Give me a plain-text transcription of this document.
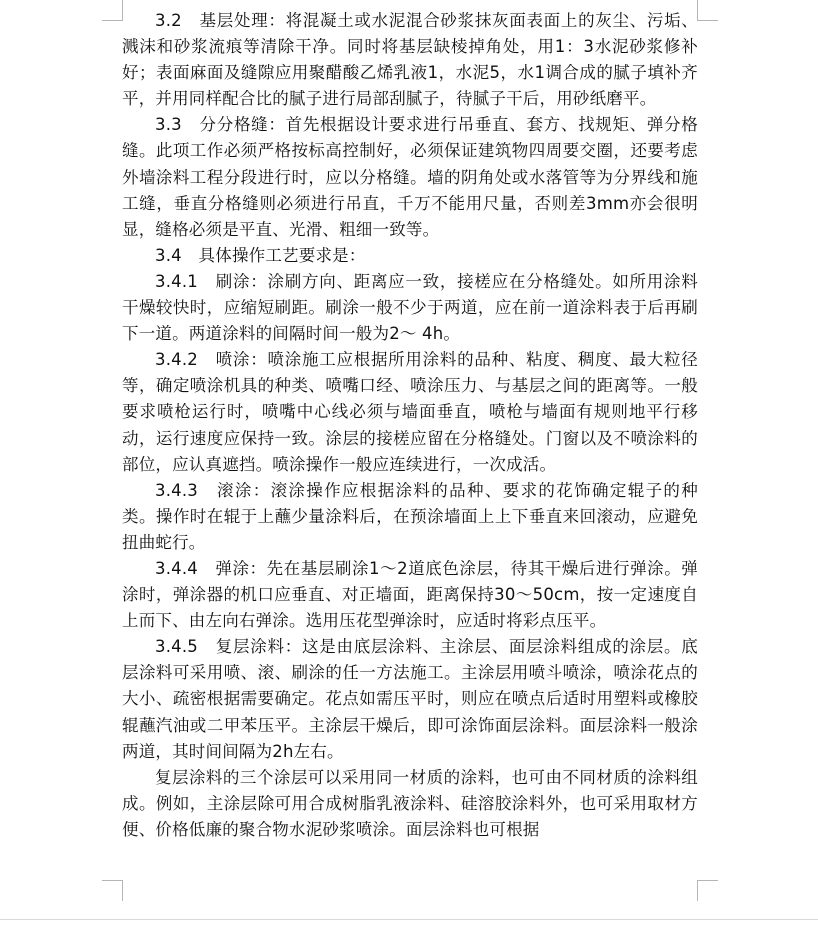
3.2　基层处理：将混凝土或水泥混合砂浆抹灰面表面上的灰尘、污垢、溅沫和砂浆流痕等清除干净。同时将基层缺棱掉角处，用1：3水泥砂浆修补好；表面麻面及缝隙应用聚醋酸乙烯乳液1，水泥5，水1调合成的腻子填补齐平，并用同样配合比的腻子进行局部刮腻子，待腻子干后，用砂纸磨平。

3.3　分分格缝：首先根据设计要求进行吊垂直、套方、找规矩、弹分格缝。此项工作必须严格按标高控制好，必须保证建筑物四周要交圈，还要考虑外墙涂料工程分段进行时，应以分格缝。墙的阴角处或水落管等为分界线和施工缝，垂直分格缝则必须进行吊直，千万不能用尺量，否则差3mm亦会很明显，缝格必须是平直、光滑、粗细一致等。

3.4　具体操作工艺要求是：

3.4.1　刷涂：涂刷方向、距离应一致，接槎应在分格缝处。如所用涂料干燥较快时，应缩短刷距。刷涂一般不少于两道，应在前一道涂料表于后再刷下一道。两道涂料的间隔时间一般为2～ 4h。

3.4.2　喷涂：喷涂施工应根据所用涂料的品种、粘度、稠度、最大粒径等，确定喷涂机具的种类、喷嘴口经、喷涂压力、与基层之间的距离等。一般要求喷枪运行时，喷嘴中心线必须与墙面垂直，喷枪与墙面有规则地平行移动，运行速度应保持一致。涂层的接槎应留在分格缝处。门窗以及不喷涂料的部位，应认真遮挡。喷涂操作一般应连续进行，一次成活。

3.4.3　滚涂：滚涂操作应根据涂料的品种、要求的花饰确定辊子的种类。操作时在辊于上蘸少量涂料后，在预涂墙面上上下垂直来回滚动，应避免扭曲蛇行。

3.4.4　弹涂：先在基层刷涂1～2道底色涂层，待其干燥后进行弹涂。弹涂时，弹涂器的机口应垂直、对正墙面，距离保持30～50cm，按一定速度自上而下、由左向右弹涂。选用压花型弹涂时，应适时将彩点压平。

3.4.5　复层涂料：这是由底层涂料、主涂层、面层涂料组成的涂层。底层涂料可采用喷、滚、刷涂的任一方法施工。主涂层用喷斗喷涂，喷涂花点的大小、疏密根据需要确定。花点如需压平时，则应在喷点后适时用塑料或橡胶辊蘸汽油或二甲苯压平。主涂层干燥后，即可涂饰面层涂料。面层涂料一般涂两道，其时间间隔为2h左右。

复层涂料的三个涂层可以采用同一材质的涂料，也可由不同材质的涂料组成。例如，主涂层除可用合成树脂乳液涂料、硅溶胶涂料外，也可采用取材方便、价格低廉的聚合物水泥砂浆喷涂。面层涂料也可根据
